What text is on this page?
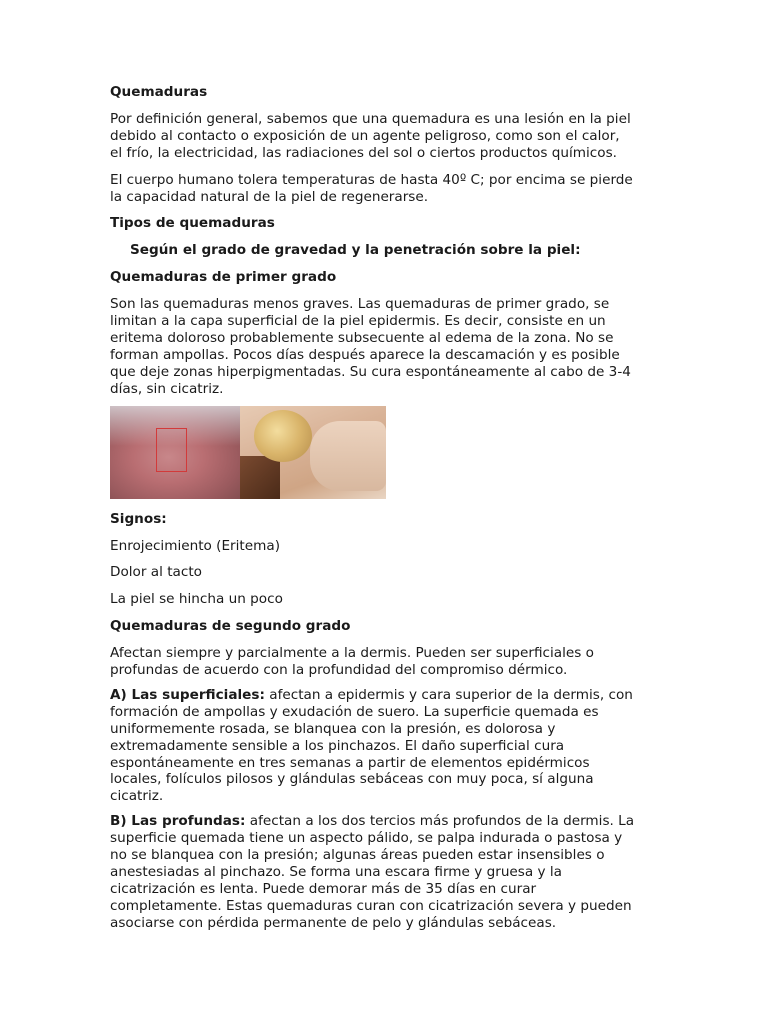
Quemaduras

Por definición general, sabemos que una quemadura es una lesión en la piel
debido al contacto o exposición de un agente peligroso, como son el calor,
el frío, la electricidad, las radiaciones del sol o ciertos productos químicos.

El cuerpo humano tolera temperaturas de hasta 40º C; por encima se pierde
la capacidad natural de la piel de regenerarse.

Tipos de quemaduras

Según el grado de gravedad y la penetración sobre la piel:

Quemaduras de primer grado

Son las quemaduras menos graves. Las quemaduras de primer grado, se
limitan a la capa superficial de la piel epidermis. Es decir, consiste en un
eritema doloroso probablemente subsecuente al edema de la zona. No se
forman ampollas. Pocos días después aparece la descamación y es posible
que deje zonas hiperpigmentadas. Su cura espontáneamente al cabo de 3-4
días, sin cicatriz.

Signos:

Enrojecimiento (Eritema)

Dolor al tacto

La piel se hincha un poco

Quemaduras de segundo grado

Afectan siempre y parcialmente a la dermis. Pueden ser superficiales o
profundas de acuerdo con la profundidad del compromiso dérmico.

A) Las superficiales: afectan a epidermis y cara superior de la dermis, con
formación de ampollas y exudación de suero. La superficie quemada es
uniformemente rosada, se blanquea con la presión, es dolorosa y
extremadamente sensible a los pinchazos. El daño superficial cura
espontáneamente en tres semanas a partir de elementos epidérmicos
locales, folículos pilosos y glándulas sebáceas con muy poca, sí alguna
cicatriz.

B) Las profundas: afectan a los dos tercios más profundos de la dermis. La
superficie quemada tiene un aspecto pálido, se palpa indurada o pastosa y
no se blanquea con la presión; algunas áreas pueden estar insensibles o
anestesiadas al pinchazo. Se forma una escara firme y gruesa y la
cicatrización es lenta. Puede demorar más de 35 días en curar
completamente. Estas quemaduras curan con cicatrización severa y pueden
asociarse con pérdida permanente de pelo y glándulas sebáceas.
